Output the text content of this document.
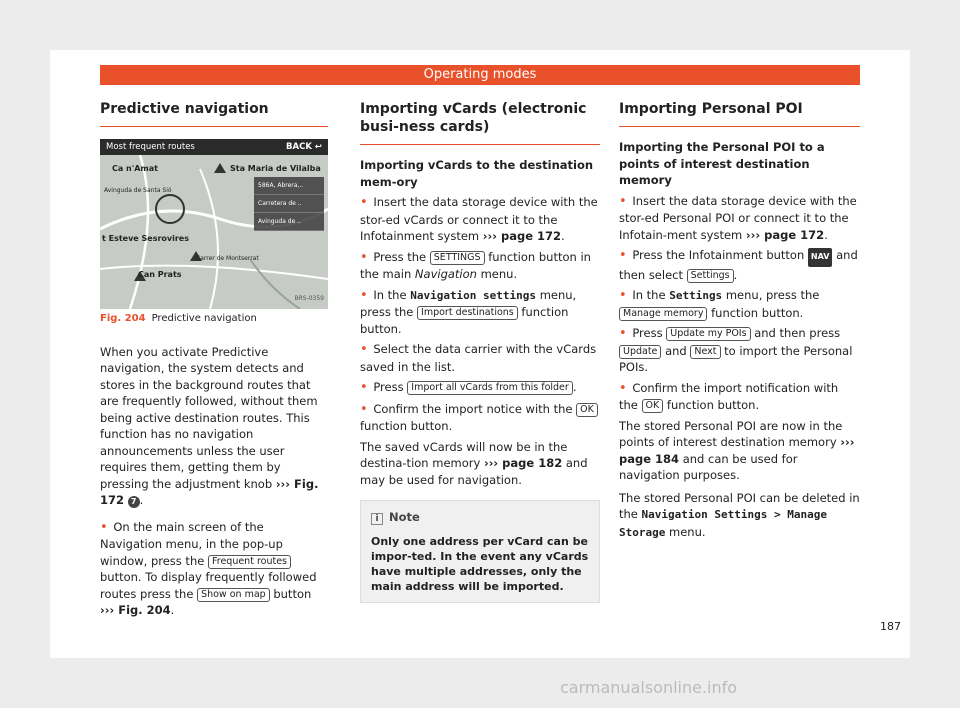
Operating modes
Predictive navigation
Most frequent routes	BACK ↩
Ca n'Amat	Sta Maria de Vilalba
Avinguda de Santa Sió
t Esteve Sesrovires
Can Prats
Carrer de Montserrat
586A, Abrera,..
Carretera de ..
Avinguda de ..
BRS-0359
Fig. 204 Predictive navigation

When you activate Predictive navigation, the system detects and stores in the background routes that are frequently followed, without them being active destination routes. This function has no navigation announcements unless the user requires them, getting them by pressing the adjustment knob ››› Fig. 172 7 .

• On the main screen of the Navigation menu, in the pop-up window, press the Frequent routes button. To display frequently followed routes press the Show on map button ››› Fig. 204.
Importing vCards (electronic busi-ness cards)
Importing vCards to the destination mem-ory
• Insert the data storage device with the stor-ed vCards or connect it to the Infotainment system ››› page 172.
• Press the SETTINGS function button in the main Navigation menu.
• In the Navigation settings menu, press the Import destinations function button.
• Select the data carrier with the vCards saved in the list.
• Press Import all vCards from this folder .
• Confirm the import notice with the OK function button.

The saved vCards will now be in the destina-tion memory ››› page 182 and may be used for navigation.

i Note
Only one address per vCard can be impor-ted. In the event any vCards have multiple addresses, only the main address will be imported.
Importing Personal POI
Importing the Personal POI to a points of interest destination memory
• Insert the data storage device with the stor-ed Personal POI or connect it to the Infotain-ment system ››› page 172.
• Press the Infotainment button NAV and then select Settings .
• In the Settings menu, press the Manage memory function button.
• Press Update my POIs and then press Update and Next to import the Personal POIs.
• Confirm the import notification with the OK function button.

The stored Personal POI are now in the points of interest destination memory ››› page 184 and can be used for navigation purposes.

The stored Personal POI can be deleted in the Navigation Settings > Manage Storage menu.

187
carmanualsonline.info
